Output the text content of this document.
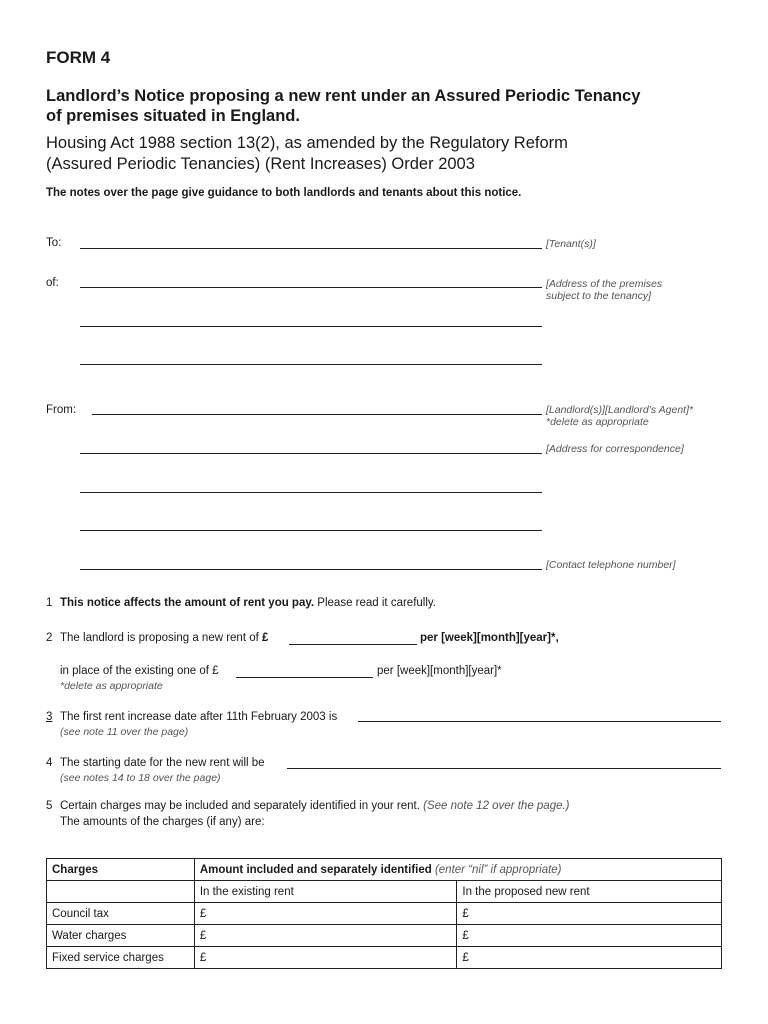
FORM 4
Landlord’s Notice proposing a new rent under an Assured Periodic Tenancy
of premises situated in England.
Housing Act 1988 section 13(2), as amended by the Regulatory Reform
(Assured Periodic Tenancies) (Rent Increases) Order 2003
The notes over the page give guidance to both landlords and tenants about this notice.
To:	[Tenant(s)]
of:	[Address of the premises
subject to the tenancy]
From:	[Landlord(s)][Landlord’s Agent]*
*delete as appropriate
[Address for correspondence]
[Contact telephone number]
1 This notice affects the amount of rent you pay. Please read it carefully.
2 The landlord is proposing a new rent of £	per [week][month][year]*,
in place of the existing one of £	per [week][month][year]*
*delete as appropriate
3 The first rent increase date after 11th February 2003 is
(see note 11 over the page)
4 The starting date for the new rent will be
(see notes 14 to 18 over the page)
5 Certain charges may be included and separately identified in your rent. (See note 12 over the page.)
The amounts of the charges (if any) are:
Charges	Amount included and separately identified (enter “nil” if appropriate)	
	In the existing rent	In the proposed new rent
Council tax	£	£
Water charges	£	£
Fixed service charges	£	£
